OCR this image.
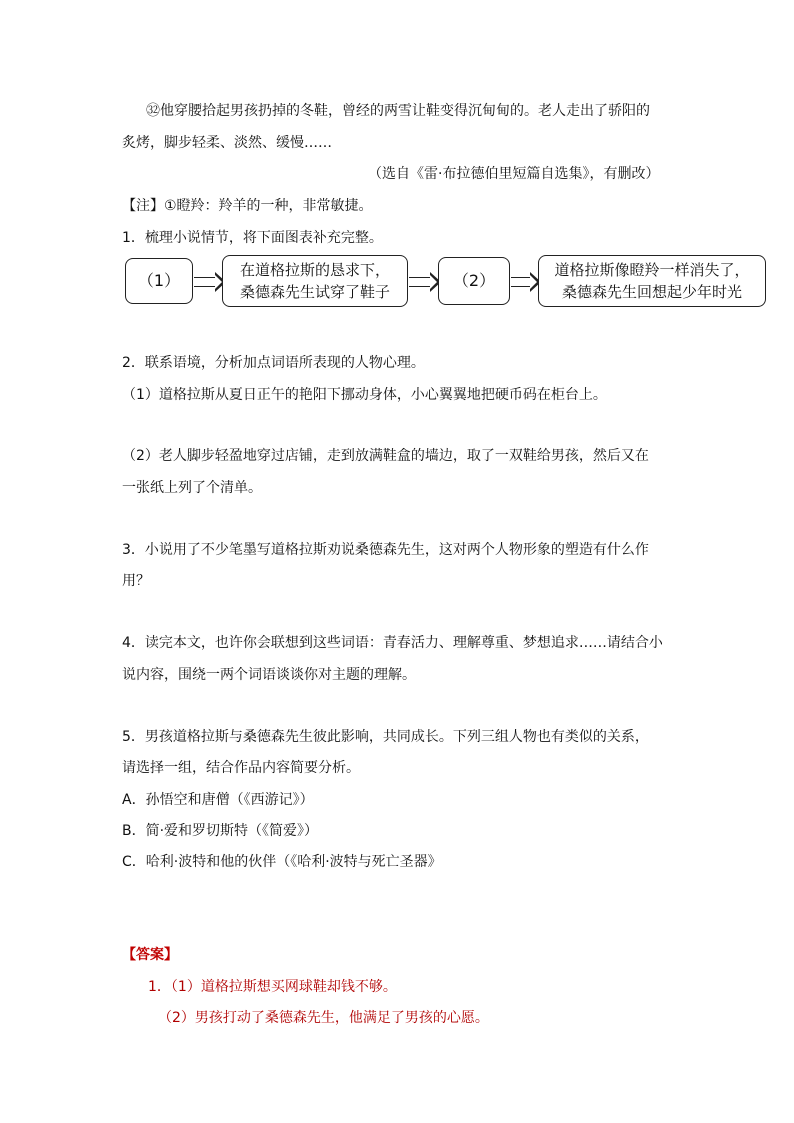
㉜他穿腰拾起男孩扔掉的冬鞋，曾经的两雪让鞋变得沉甸甸的。老人走出了骄阳的
炙烤，脚步轻柔、淡然、缓慢……
（选自《雷·布拉德伯里短篇自选集》，有删改）
【注】①瞪羚：羚羊的一种，非常敏捷。
1．梳理小说情节，将下面图表补充完整。
（1）
在道格拉斯的恳求下，
桑德森先生试穿了鞋子
（2）
道格拉斯像瞪羚一样消失了，
桑德森先生回想起少年时光
2．联系语境，分析加点词语所表现的人物心理。
（1）道格拉斯从夏日正午的艳阳下挪动身体，小心翼翼地把硬币码在柜台上。
（2）老人脚步轻盈地穿过店铺，走到放满鞋盒的墙边，取了一双鞋给男孩，然后又在
一张纸上列了个清单。
3．小说用了不少笔墨写道格拉斯劝说桑德森先生，这对两个人物形象的塑造有什么作
用？
4．读完本文，也许你会联想到这些词语：青春活力、理解尊重、梦想追求……请结合小
说内容，围绕一两个词语谈谈你对主题的理解。
5．男孩道格拉斯与桑德森先生彼此影响，共同成长。下列三组人物也有类似的关系，
请选择一组，结合作品内容简要分析。
A．孙悟空和唐僧（《西游记》）
B．简·爱和罗切斯特（《简爱》）
C．哈利·波特和他的伙伴（《哈利·波特与死亡圣器》
【答案】
1．（1）道格拉斯想买网球鞋却钱不够。
（2）男孩打动了桑德森先生，他满足了男孩的心愿。
